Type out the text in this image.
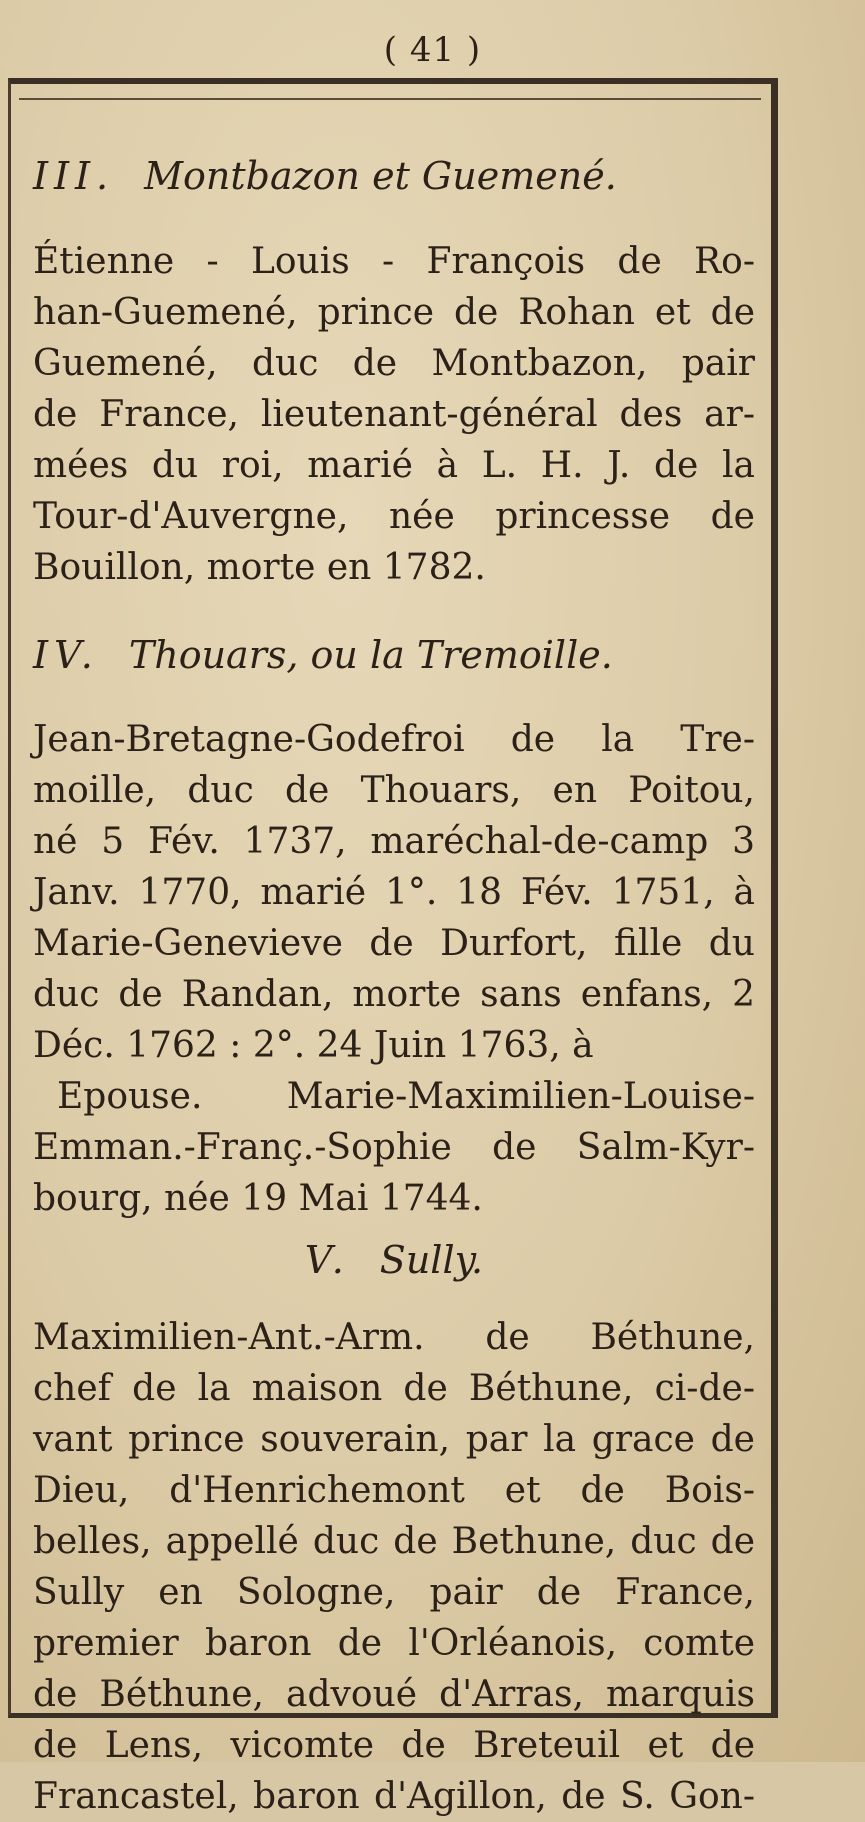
( 41 )
III. Montbazon et Guemené.
Étienne - Louis - François de Ro-
han-Guemené, prince de Rohan et de
Guemené, duc de Montbazon, pair
de France, lieutenant-général des ar-
mées du roi, marié à L. H. J. de la
Tour-d'Auvergne, née princesse de
Bouillon, morte en 1782.
IV. Thouars, ou la Tremoille.
Jean-Bretagne-Godefroi de la Tre-
moille, duc de Thouars, en Poitou,
né 5 Fév. 1737, maréchal-de-camp 3
Janv. 1770, marié 1°. 18 Fév. 1751, à
Marie-Genevieve de Durfort, fille du
duc de Randan, morte sans enfans, 2
Déc. 1762 : 2°. 24 Juin 1763, à
Epouse. Marie-Maximilien-Louise-
Emman.-Franç.-Sophie de Salm-Kyr-
bourg, née 19 Mai 1744.
V. Sully.
Maximilien-Ant.-Arm. de Béthune,
chef de la maison de Béthune, ci-de-
vant prince souverain, par la grace de
Dieu, d'Henrichemont et de Bois-
belles, appellé duc de Bethune, duc de
Sully en Sologne, pair de France,
premier baron de l'Orléanois, comte
de Béthune, advoué d'Arras, marquis
de Lens, vicomte de Breteuil et de
Francastel, baron d'Agillon, de S. Gon-
